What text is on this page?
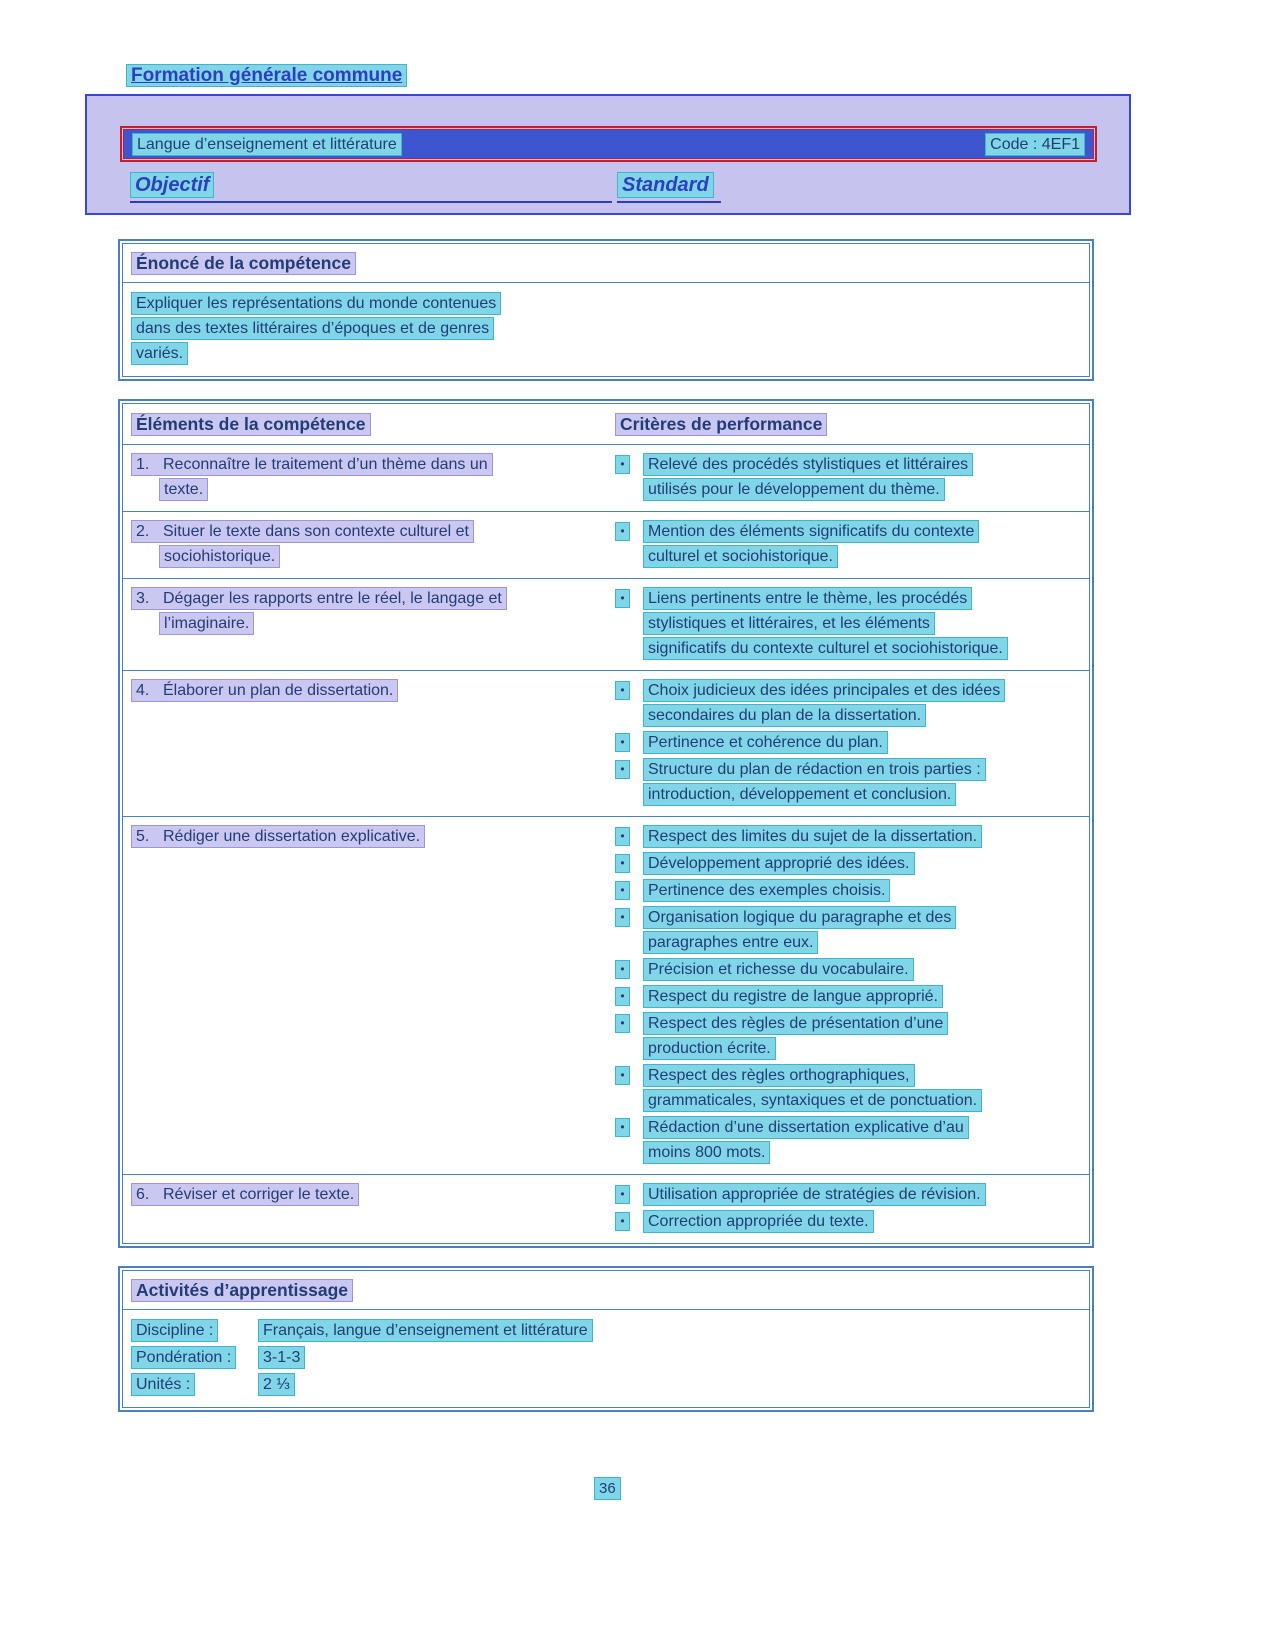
Formation générale commune
Langue d’enseignement et littérature	Code : 4EF1
Objectif	Standard
Énoncé de la compétence
Expliquer les représentations du monde contenues
dans des textes littéraires d’époques et de genres
variés.
Éléments de la compétence	Critères de performance
1. Reconnaître le traitement d’un thème dans un
texte.
•	Relevé des procédés stylistiques et littéraires
utilisés pour le développement du thème.
2. Situer le texte dans son contexte culturel et
sociohistorique.
•	Mention des éléments significatifs du contexte
culturel et sociohistorique.
3. Dégager les rapports entre le réel, le langage et
l’imaginaire.
•	Liens pertinents entre le thème, les procédés
stylistiques et littéraires, et les éléments
significatifs du contexte culturel et sociohistorique.
4. Élaborer un plan de dissertation.	•	Choix judicieux des idées principales et des idées
secondaires du plan de la dissertation.
•	Pertinence et cohérence du plan.
•	Structure du plan de rédaction en trois parties :
introduction, développement et conclusion.
5. Rédiger une dissertation explicative.	•	Respect des limites du sujet de la dissertation.
•	Développement approprié des idées.
•	Pertinence des exemples choisis.
•	Organisation logique du paragraphe et des
paragraphes entre eux.
•	Précision et richesse du vocabulaire.
•	Respect du registre de langue approprié.
•	Respect des règles de présentation d’une
production écrite.
•	Respect des règles orthographiques,
grammaticales, syntaxiques et de ponctuation.
•	Rédaction d’une dissertation explicative d’au
moins 800 mots.
6. Réviser et corriger le texte.	•	Utilisation appropriée de stratégies de révision.
•	Correction appropriée du texte.
Activités d’apprentissage
Discipline :	Français, langue d’enseignement et littérature
Pondération :	3-1-3
Unités :	2 ⅓
36
